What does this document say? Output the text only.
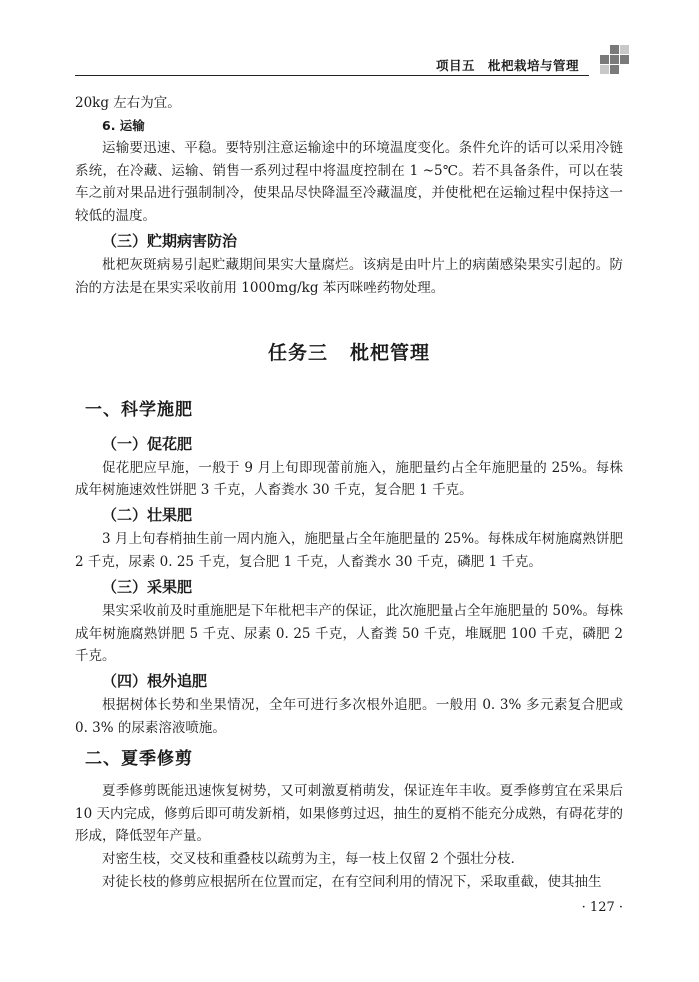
项目五　枇杷栽培与管理

20kg 左右为宜。

6. 运输

运输要迅速、平稳。要特别注意运输途中的环境温度变化。条件允许的话可以采用冷链系统，在冷藏、运输、销售一系列过程中将温度控制在 1 ~5℃。若不具备条件，可以在装车之前对果品进行强制制冷，使果品尽快降温至冷藏温度，并使枇杷在运输过程中保持这一较低的温度。

（三）贮期病害防治

枇杷灰斑病易引起贮藏期间果实大量腐烂。该病是由叶片上的病菌感染果实引起的。防治的方法是在果实采收前用 1000mg/kg 苯丙咪唑药物处理。

任务三 枇杷管理
一、科学施肥
（一）促花肥

促花肥应早施，一般于 9 月上旬即现蕾前施入，施肥量约占全年施肥量的 25%。每株成年树施速效性饼肥 3 千克，人畜粪水 30 千克，复合肥 1 千克。

（二）壮果肥

3 月上旬春梢抽生前一周内施入，施肥量占全年施肥量的 25%。每株成年树施腐熟饼肥 2 千克，尿素 0. 25 千克，复合肥 1 千克，人畜粪水 30 千克，磷肥 1 千克。

（三）采果肥

果实采收前及时重施肥是下年枇杷丰产的保证，此次施肥量占全年施肥量的 50%。每株成年树施腐熟饼肥 5 千克、尿素 0. 25 千克，人畜粪 50 千克，堆厩肥 100 千克，磷肥 2 千克。

（四）根外追肥

根据树体长势和坐果情况，全年可进行多次根外追肥。一般用 0. 3% 多元素复合肥或 0. 3% 的尿素溶液喷施。

二、夏季修剪

夏季修剪既能迅速恢复树势，又可刺激夏梢萌发，保证连年丰收。夏季修剪宜在采果后 10 天内完成，修剪后即可萌发新梢，如果修剪过迟，抽生的夏梢不能充分成熟，有碍花芽的形成，降低翌年产量。

对密生枝，交叉枝和重叠枝以疏剪为主，每一枝上仅留 2 个强壮分枝．

对徒长枝的修剪应根据所在位置而定，在有空间利用的情况下，采取重截，使其抽生

· 127 ·
